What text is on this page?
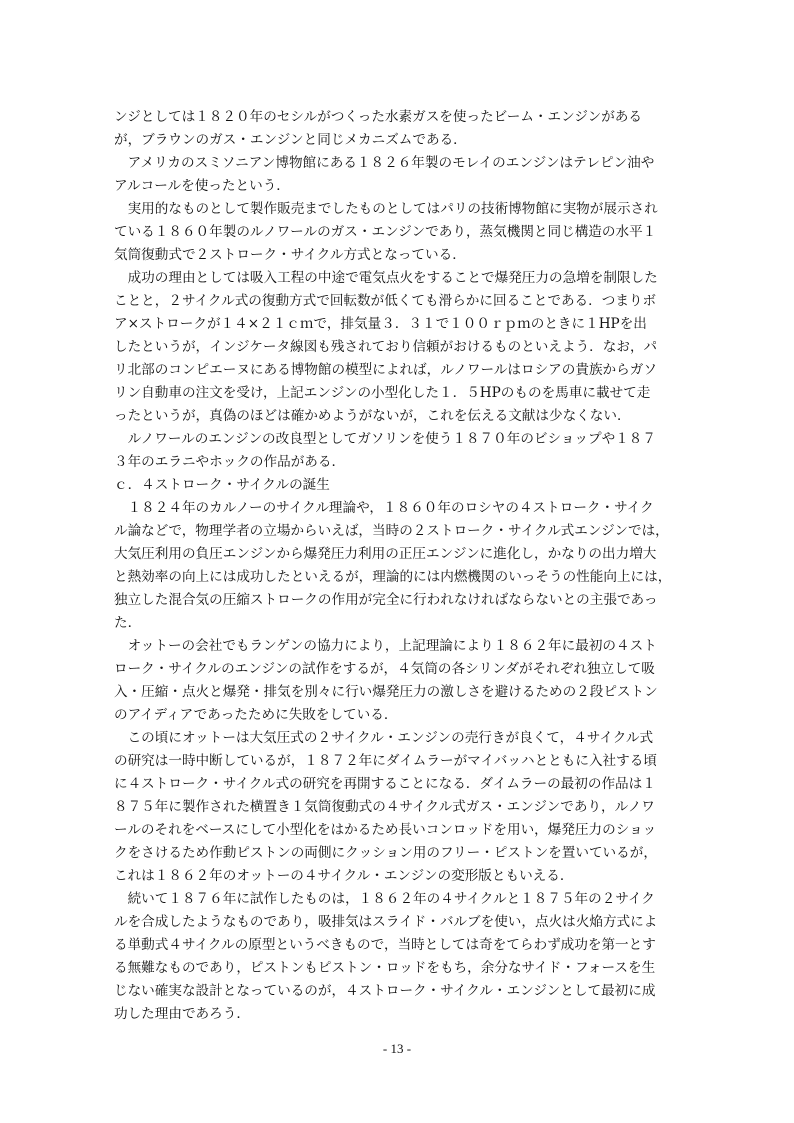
ンジとしては１８２０年のセシルがつくった水素ガスを使ったビーム・エンジンがある
が，ブラウンのガス・エンジンと同じメカニズムである．
　アメリカのスミソニアン博物館にある１８２６年製のモレイのエンジンはテレピン油や
アルコールを使ったという．
　実用的なものとして製作販売までしたものとしてはパリの技術博物館に実物が展示され
ている１８６０年製のルノワールのガス・エンジンであり，蒸気機関と同じ構造の水平１
気筒復動式で２ストローク・サイクル方式となっている．
　成功の理由としては吸入工程の中途で電気点火をすることで爆発圧力の急増を制限した
ことと，２サイクル式の復動方式で回転数が低くても滑らかに回ることである．つまりボ
ア×ストロークが１４×２１ｃｍで，排気量３．３１で１００ｒｐｍのときに１HPを出
したというが，インジケータ線図も残されており信頼がおけるものといえよう．なお，パ
リ北部のコンピエーヌにある博物館の模型によれば，ルノワールはロシアの貴族からガソ
リン自動車の注文を受け，上記エンジンの小型化した１．５HPのものを馬車に載せて走
ったというが，真偽のほどは確かめようがないが，これを伝える文献は少なくない．
　ルノワールのエンジンの改良型としてガソリンを使う１８７０年のビショップや１８７
３年のエラニやホックの作品がある．
ｃ．４ストローク・サイクルの誕生
　１８２４年のカルノーのサイクル理論や，１８６０年のロシヤの４ストローク・サイク
ル論などで，物理学者の立場からいえば，当時の２ストローク・サイクル式エンジンでは，
大気圧利用の負圧エンジンから爆発圧力利用の正圧エンジンに進化し，かなりの出力増大
と熱効率の向上には成功したといえるが，理論的には内燃機関のいっそうの性能向上には，
独立した混合気の圧縮ストロークの作用が完全に行われなければならないとの主張であっ
た．
　オットーの会社でもランゲンの協力により，上記理論により１８６２年に最初の４スト
ローク・サイクルのエンジンの試作をするが，４気筒の各シリンダがそれぞれ独立して吸
入・圧縮・点火と爆発・排気を別々に行い爆発圧力の激しさを避けるための２段ピストン
のアイディアであったために失敗をしている．
　この頃にオットーは大気圧式の２サイクル・エンジンの売行きが良くて，４サイクル式
の研究は一時中断しているが，１８７２年にダイムラーがマイバッハとともに入社する頃
に４ストローク・サイクル式の研究を再開することになる．ダイムラーの最初の作品は１
８７５年に製作された横置き１気筒復動式の４サイクル式ガス・エンジンであり，ルノワ
ールのそれをベースにして小型化をはかるため長いコンロッドを用い，爆発圧力のショッ
クをさけるため作動ピストンの両側にクッション用のフリー・ピストンを置いているが，
これは１８６２年のオットーの４サイクル・エンジンの変形版ともいえる．
　続いて１８７６年に試作したものは，１８６２年の４サイクルと１８７５年の２サイク
ルを合成したようなものであり，吸排気はスライド・バルブを使い，点火は火焔方式によ
る単動式４サイクルの原型というべきもので，当時としては奇をてらわず成功を第一とす
る無難なものであり，ピストンもピストン・ロッドをもち，余分なサイド・フォースを生
じない確実な設計となっているのが，４ストローク・サイクル・エンジンとして最初に成
功した理由であろう．
- 13 -
